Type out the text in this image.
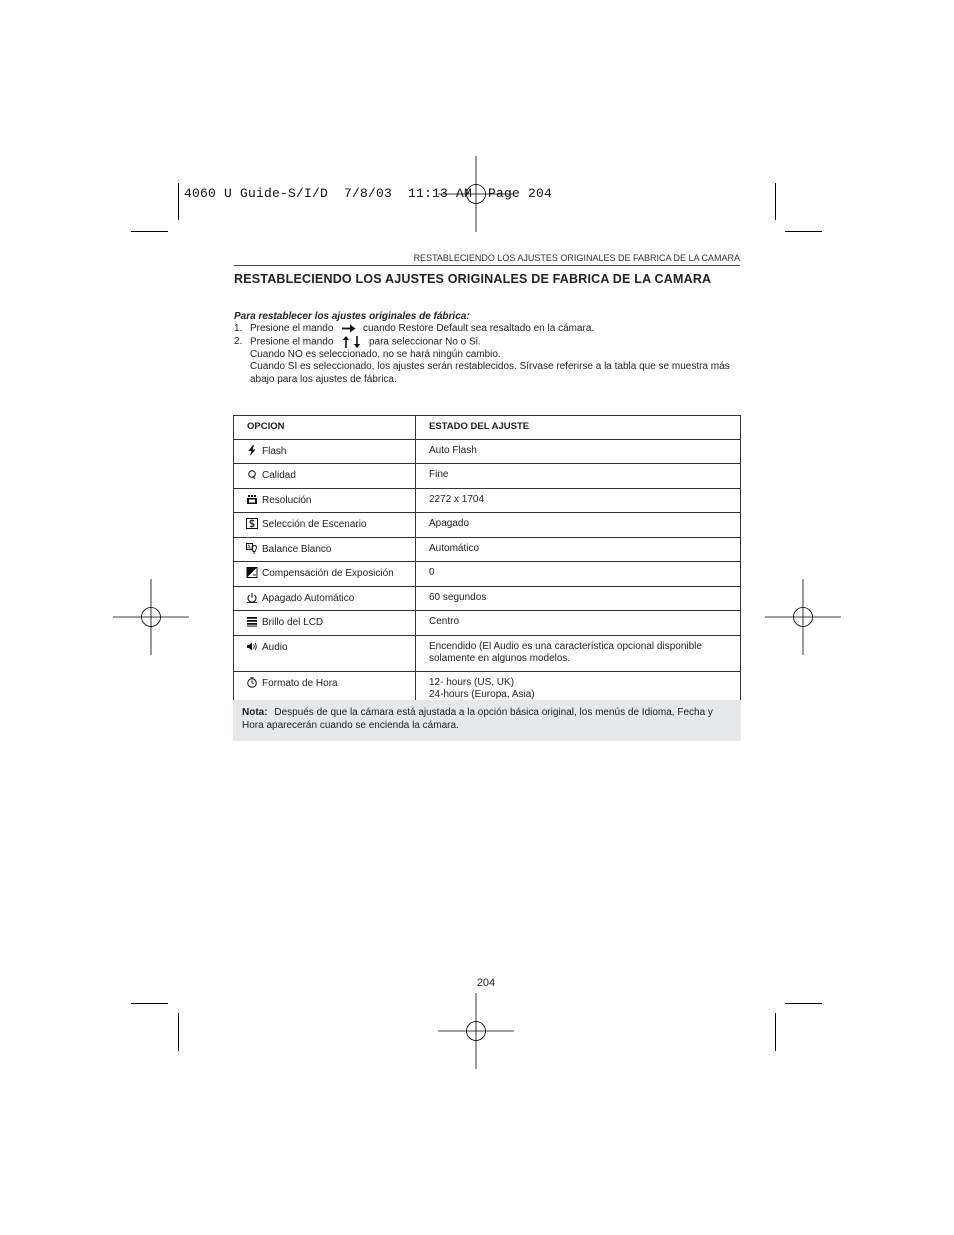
4060 U Guide-S/I/D  7/8/03  11:13 AM  Page 204
RESTABLECIENDO LOS AJUSTES ORIGINALES DE FABRICA DE LA CAMARA
RESTABLECIENDO LOS AJUSTES ORIGINALES DE FABRICA DE LA CAMARA
Para restablecer los ajustes originales de fábrica:
1. Presione el mando	cuando Restore Default sea resaltado en la cámara.
2. Presione el mando	para seleccionar No o Si.
Cuando NO es seleccionado, no se hará ningún cambio.
Cuando SI es seleccionado, los ajustes serán restablecidos. Sírvase referirse a la tabla que se muestra más abajo para los ajustes de fábrica.
OPCION	ESTADO DEL AJUSTE
Flash	Auto Flash
Calidad	Fine
Resolución	2272 x 1704
Selección de Escenario	Apagado

A Balance Blanco	Automático
Compensación de Exposición	0
Apagado Automático	60 segundos
Brillo del LCD	Centro
Audio	Encendido (El Audio es una característica opcional disponible solamente en algunos modelos.
Formato de Hora	12- hours (US, UK)
24-hours (Europa, Asia)
Nota: Después de que la cámara está ajustada a la opción básica original, los menús de Idioma, Fecha y Hora aparecerán cuando se encienda la cámara.
204
